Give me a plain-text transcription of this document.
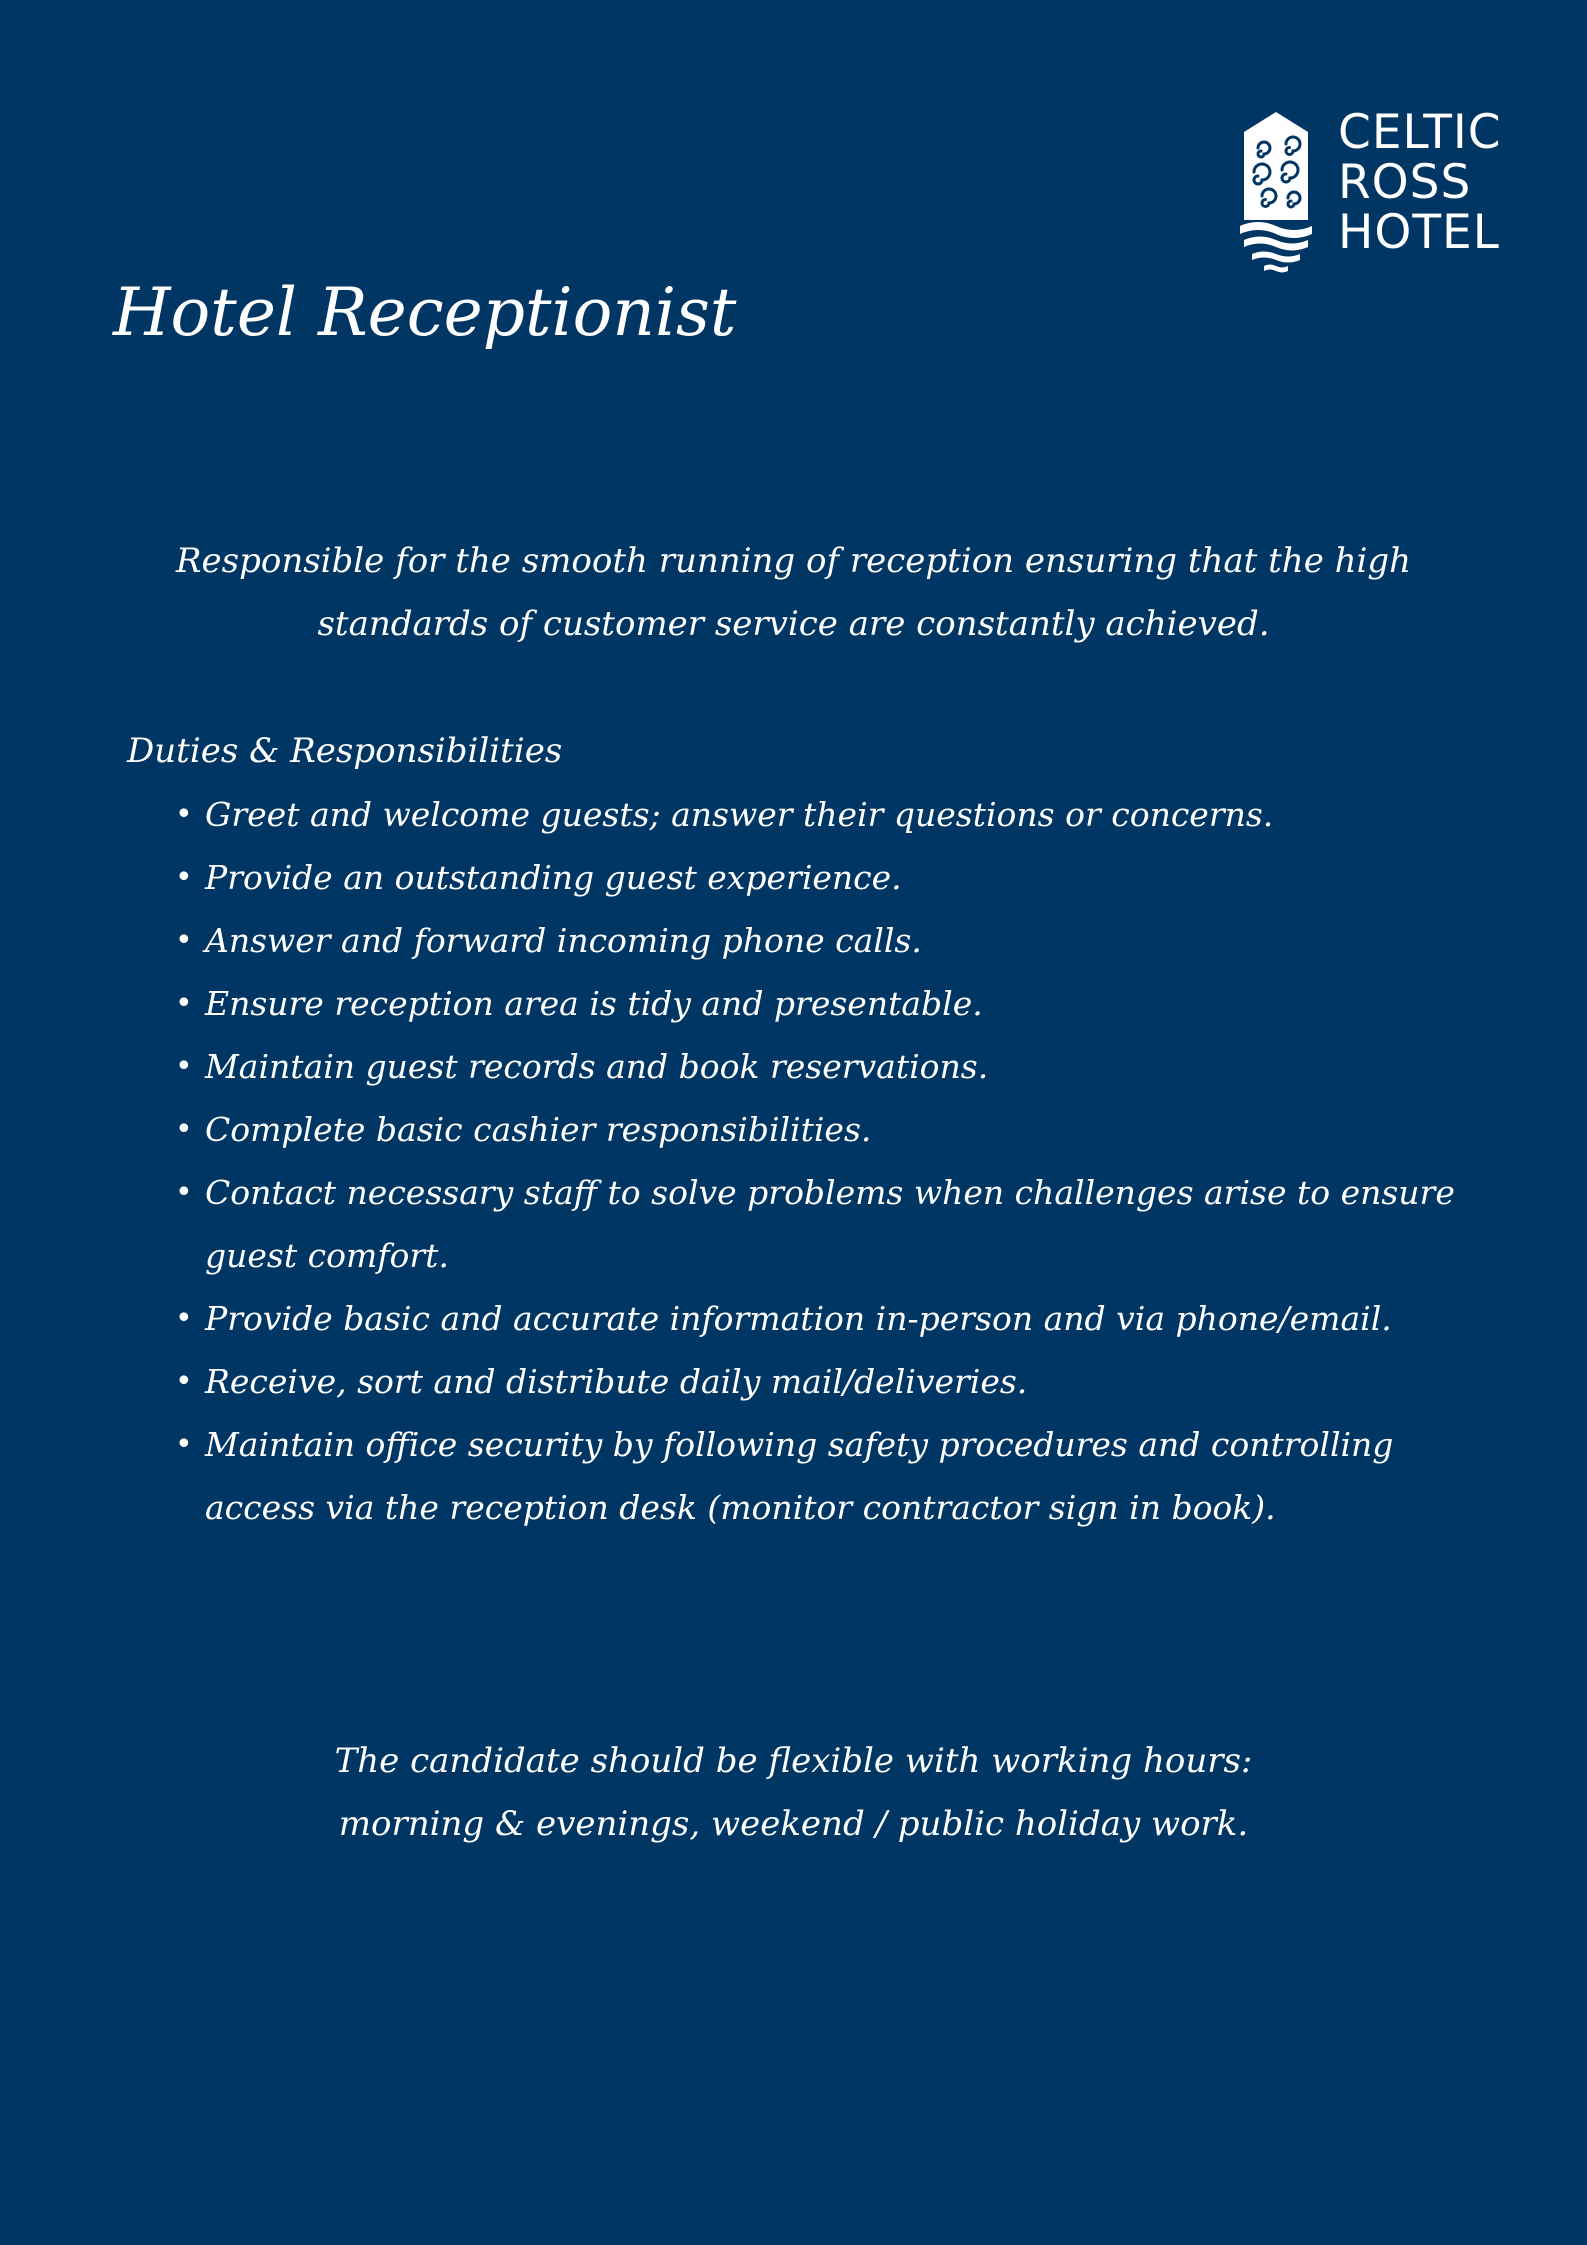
CELTIC
ROSS
HOTEL
Hotel Receptionist
Responsible for the smooth running of reception ensuring that the high
standards of customer service are constantly achieved.
Duties & Responsibilities
• Greet and welcome guests; answer their questions or concerns.
• Provide an outstanding guest experience.
• Answer and forward incoming phone calls.
• Ensure reception area is tidy and presentable.
• Maintain guest records and book reservations.
• Complete basic cashier responsibilities.
• Contact necessary staff to solve problems when challenges arise to ensure
guest comfort.
• Provide basic and accurate information in-person and via phone/email.
• Receive, sort and distribute daily mail/deliveries.
• Maintain office security by following safety procedures and controlling
access via the reception desk (monitor contractor sign in book).
The candidate should be flexible with working hours:
morning & evenings, weekend / public holiday work.
